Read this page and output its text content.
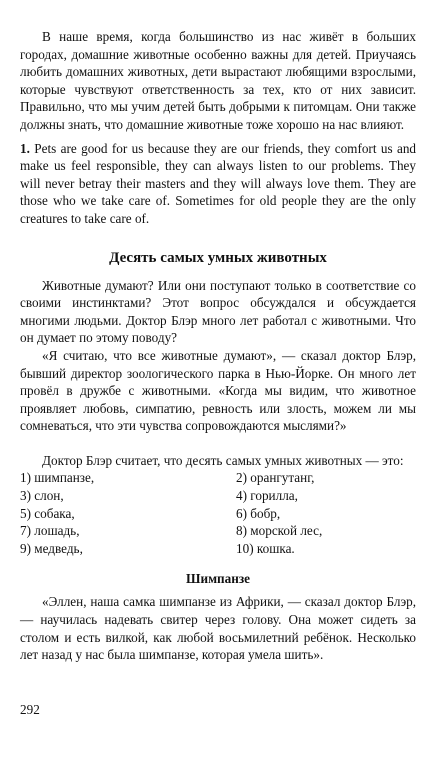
В наше время, когда большинство из нас живёт в больших городах, домашние животные особенно важны для детей. Приучаясь любить домашних животных, дети вырастают любящими взрослыми, которые чувствуют ответственность за тех, кто от них зависит. Правильно, что мы учим детей быть добрыми к питомцам. Они также должны знать, что домашние животные тоже хорошо на нас влияют.

1. Pets are good for us because they are our friends, they comfort us and make us feel responsible, they can always listen to our problems. They will never betray their masters and they will always love them. They are those who we take care of. Sometimes for old people they are the only creatures to take care of.

Десять самых умных животных

Животные думают? Или они поступают только в соответствие со своими инстинктами? Этот вопрос обсуждался и обсуждается многими людьми. Доктор Блэр много лет работал с животными. Что он думает по этому поводу?

«Я считаю, что все животные думают», — сказал доктор Блэр, бывший директор зоологического парка в Нью-Йорке. Он много лет провёл в дружбе с животными. «Когда мы видим, что животное проявляет любовь, симпатию, ревность или злость, можем ли мы сомневаться, что эти чувства сопровождаются мыслями?»

Доктор Блэр считает, что десять самых умных животных — это:

1) шимпанзе,	2) орангутанг,
3) слон,	4) горилла,
5) собака,	6) бобр,
7) лошадь,	8) морской лес,
9) медведь,	10) кошка.
Шимпанзе

«Эллен, наша самка шимпанзе из Африки, — сказал доктор Блэр, — научилась надевать свитер через голову. Она может сидеть за столом и есть вилкой, как любой восьмилетний ребёнок. Несколько лет назад у нас была шимпанзе, которая умела шить».

292
